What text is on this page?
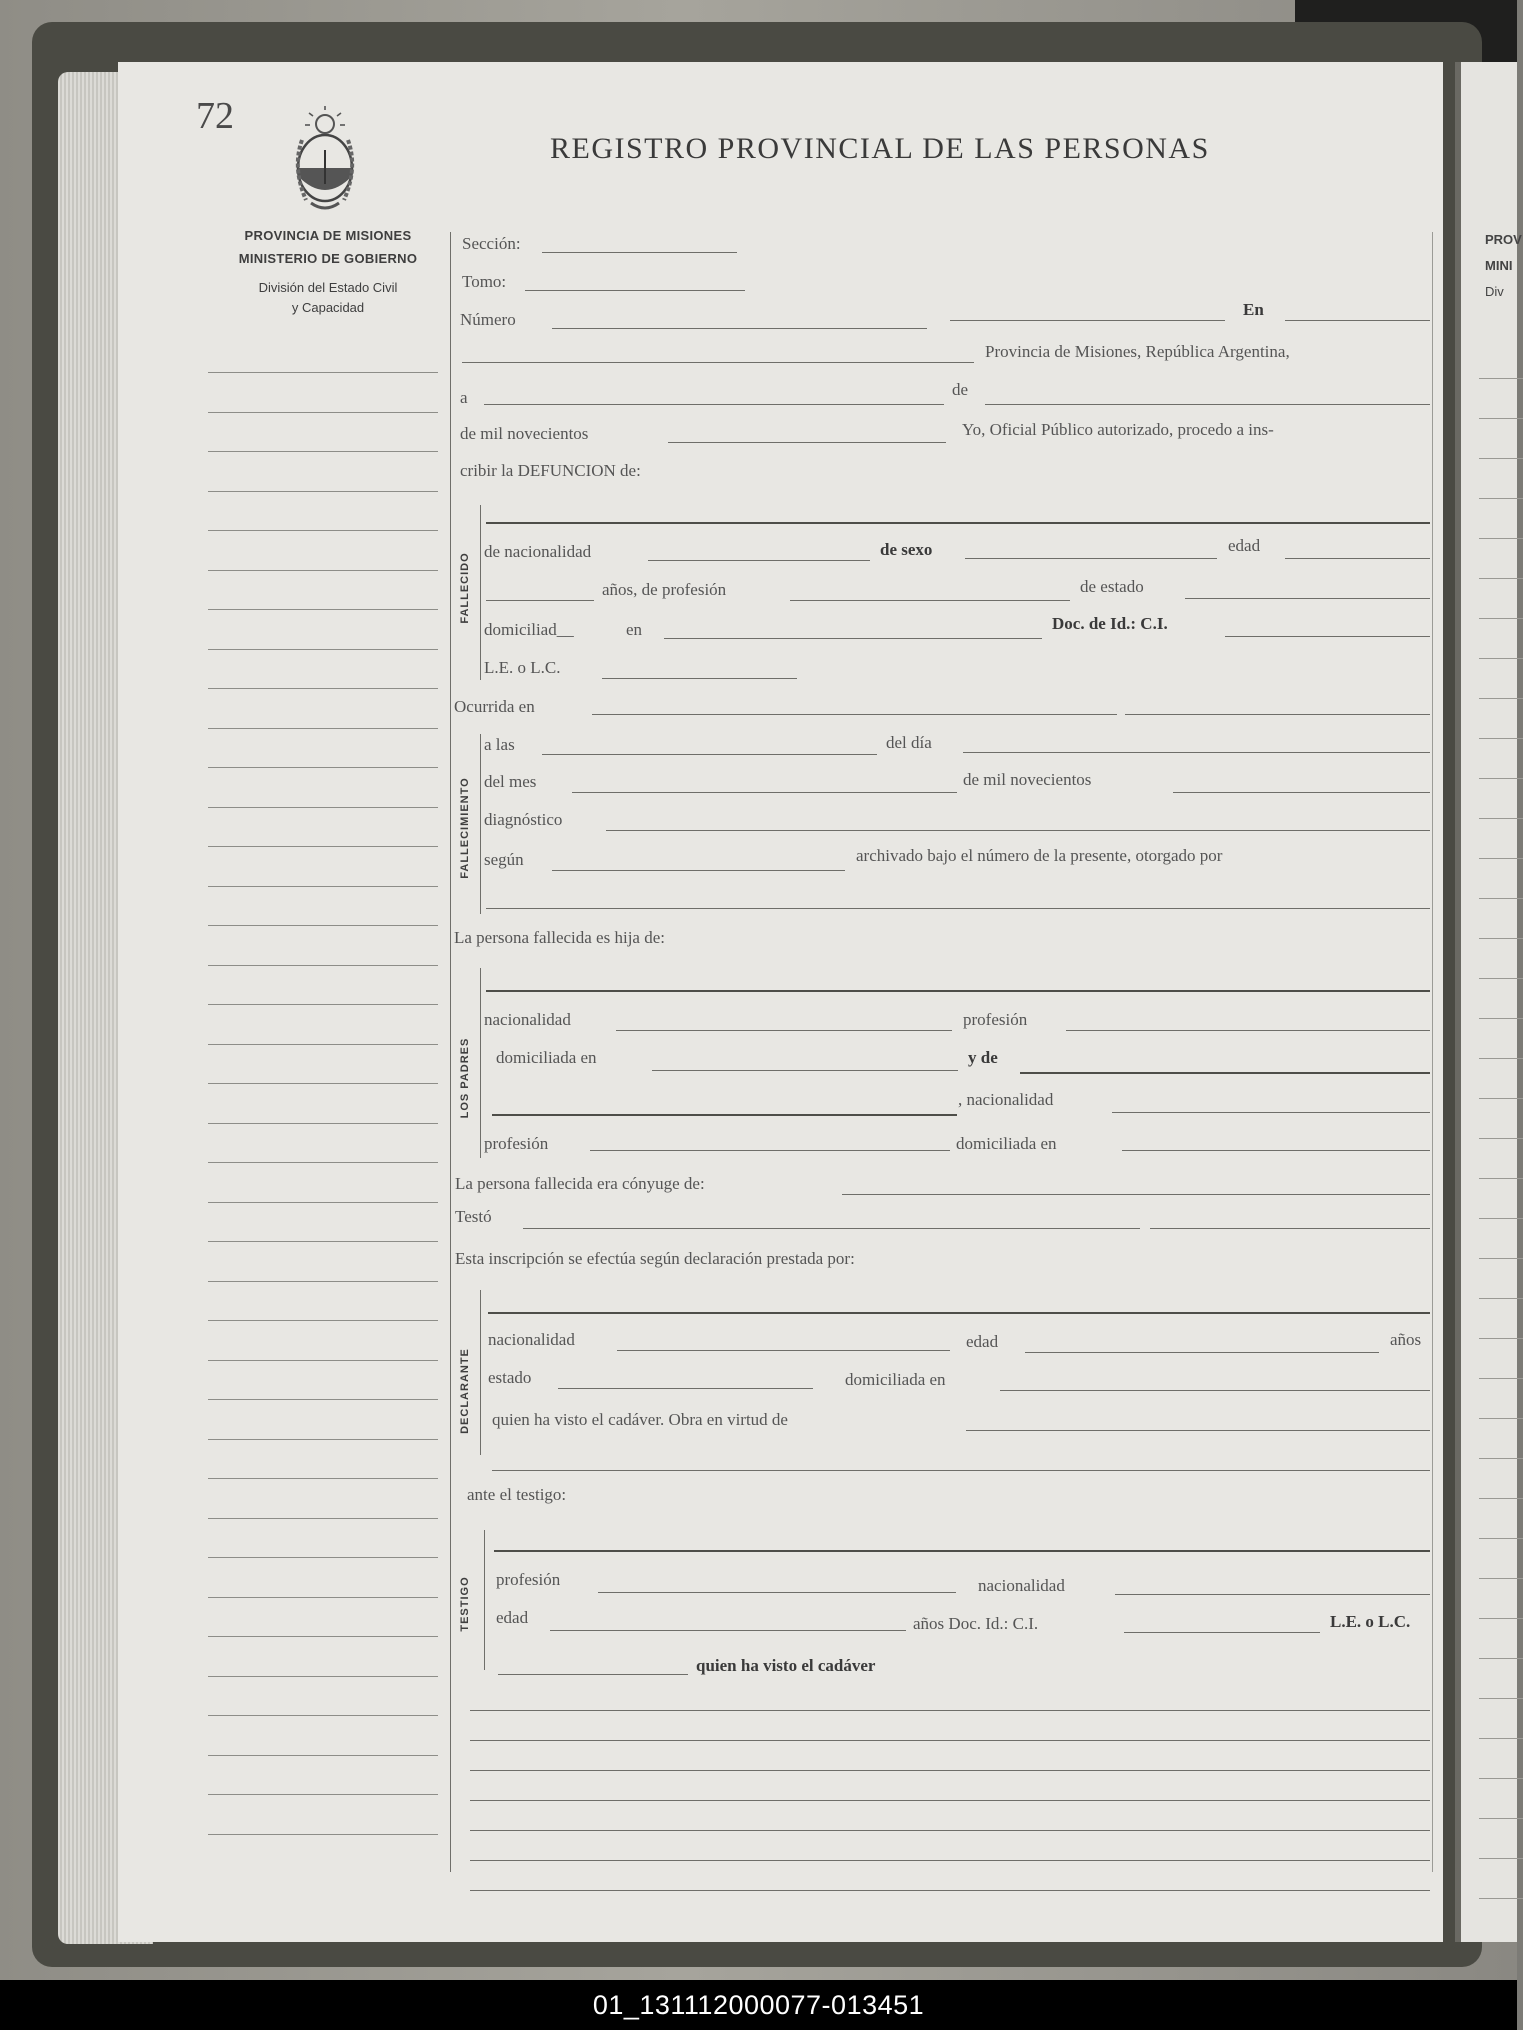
PROV
MINI
Div
72
REGISTRO PROVINCIAL DE LAS PERSONAS
PROVINCIA DE MISIONES
MINISTERIO DE GOBIERNO
División del Estado Civil
y Capacidad
FALLECIDO
FALLECIMIENTO
LOS PADRES
DECLARANTE
TESTIGO
Sección:
Tomo:
Número
En
Provincia de Misiones, República Argentina,
a	de
de mil novecientos	Yo, Oficial Público autorizado, procedo a ins-
cribir la DEFUNCION de:
de nacionalidad	de sexo	edad
años, de profesión	de estado
domiciliad__	en	Doc. de Id.: C.I.
L.E. o L.C.
Ocurrida en
a las	del día
del mes	de mil novecientos
diagnóstico
según	archivado bajo el número de la presente, otorgado por
La persona fallecida es hija de:
nacionalidad	profesión
domiciliada en	y de
, nacionalidad
profesión	domiciliada en
La persona fallecida era cónyuge de:
Testó
Esta inscripción se efectúa según declaración prestada por:
nacionalidad	edad	años
estado	domiciliada en
quien ha visto el cadáver. Obra en virtud de
ante el testigo:
profesión	nacionalidad
edad	años Doc. Id.: C.I.	L.E. o L.C.
quien ha visto el cadáver
01_131112000077-013451
